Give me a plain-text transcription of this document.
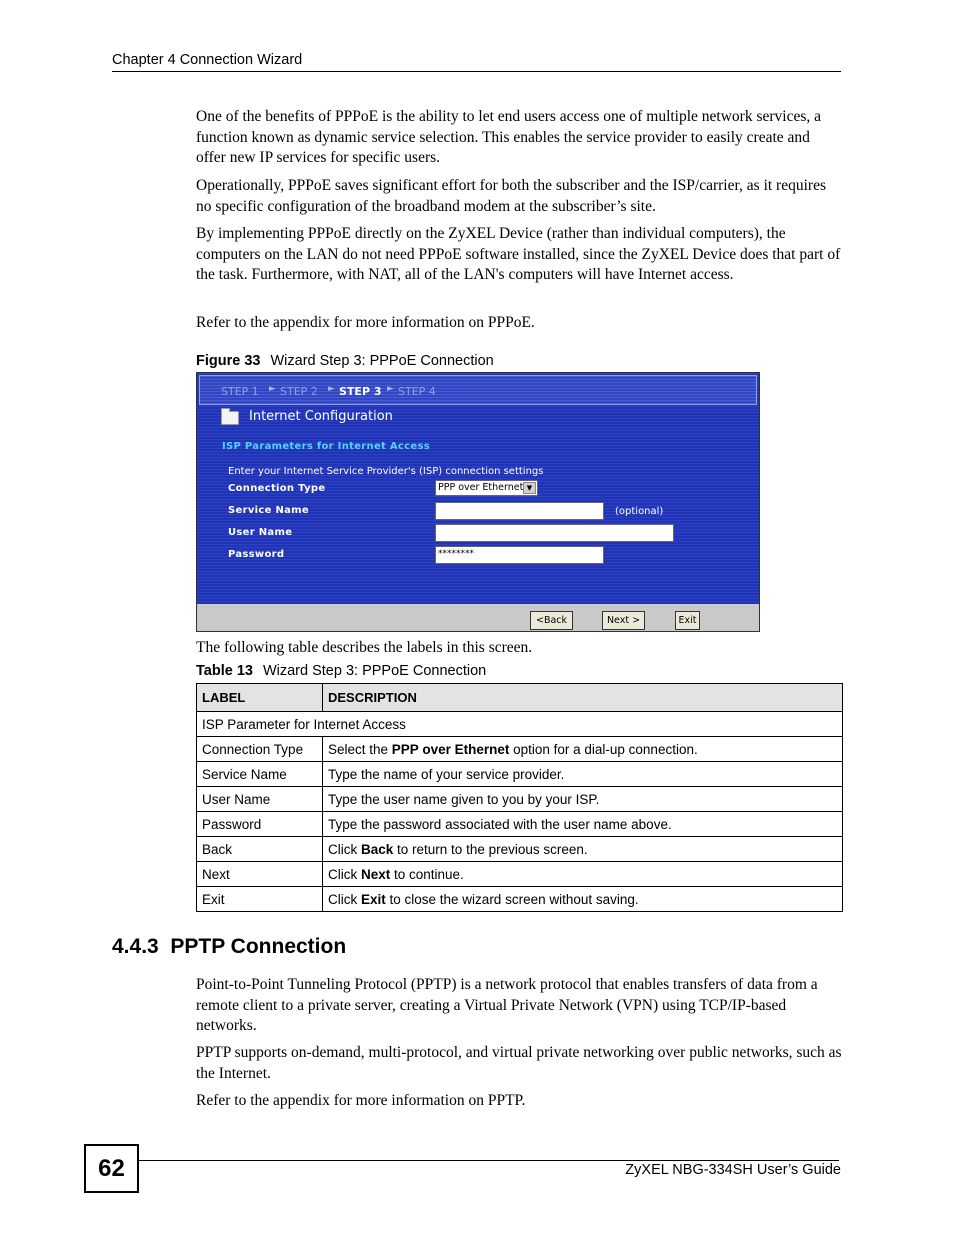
Chapter 4 Connection Wizard

One of the benefits of PPPoE is the ability to let end users access one of multiple network services, a function known as dynamic service selection. This enables the service provider to easily create and offer new IP services for specific users.

Operationally, PPPoE saves significant effort for both the subscriber and the ISP/carrier, as it requires no specific configuration of the broadband modem at the subscriber’s site.

By implementing PPPoE directly on the ZyXEL Device (rather than individual computers), the computers on the LAN do not need PPPoE software installed, since the ZyXEL Device does that part of the task. Furthermore, with NAT, all of the LAN's computers will have Internet access.

Refer to the appendix for more information on PPPoE.

Figure 33 Wizard Step 3: PPPoE Connection
STEP 1 ► STEP 2 ► STEP 3 ► STEP 4
Internet Configuration
ISP Parameters for Internet Access
Enter your Internet Service Provider's (ISP) connection settings
Connection Type	PPP over Ethernet ▼
Service Name	(optional)
User Name
Password	********
<Back	Next >	Exit

The following table describes the labels in this screen.

Table 13 Wizard Step 3: PPPoE Connection
LABEL	DESCRIPTION
ISP Parameter for Internet Access	
Connection Type	Select the PPP over Ethernet option for a dial-up connection.
Service Name	Type the name of your service provider.
User Name	Type the user name given to you by your ISP.
Password	Type the password associated with the user name above.
Back	Click Back to return to the previous screen.
Next	Click Next to continue.
Exit	Click Exit to close the wizard screen without saving.
4.4.3  PPTP Connection

Point-to-Point Tunneling Protocol (PPTP) is a network protocol that enables transfers of data from a remote client to a private server, creating a Virtual Private Network (VPN) using TCP/IP-based networks.

PPTP supports on-demand, multi-protocol, and virtual private networking over public networks, such as the Internet.

Refer to the appendix for more information on PPTP.

62	ZyXEL NBG-334SH User’s Guide
